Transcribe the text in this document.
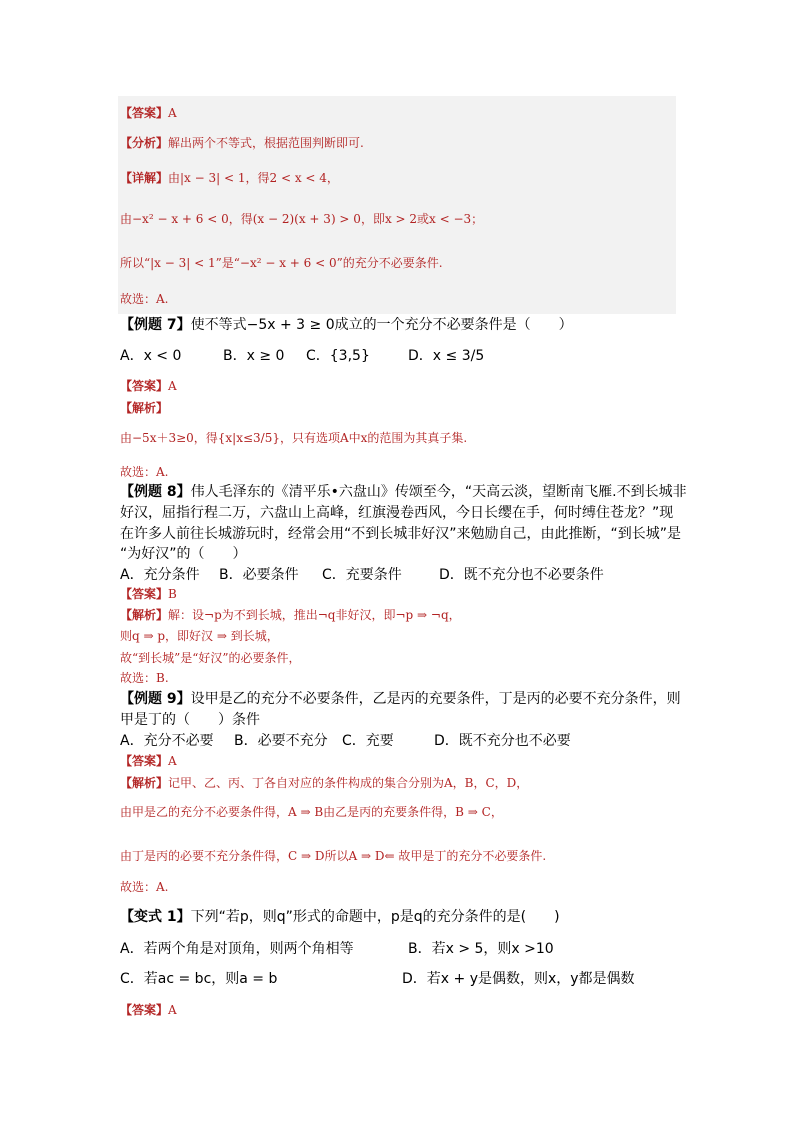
【答案】A
【分析】解出两个不等式，根据范围判断即可.
【详解】由|x − 3| < 1，得2 < x < 4，
由−x² − x + 6 < 0，得(x − 2)(x + 3) > 0，即x > 2或x < −3；
所以“|x − 3| < 1”是“−x² − x + 6 < 0”的充分不必要条件.
故选：A.
【例题 7】使不等式−5x + 3 ≥ 0成立的一个充分不必要条件是（　　）
A．x < 0	B．x ≥ 0 C．{3,5}	D．x ≤ 3/5
【答案】A
【解析】
由−5x＋3≥0，得{x|x≤3/5}，只有选项A中x的范围为其真子集.
故选：A.
【例题 8】伟人毛泽东的《清平乐•六盘山》传颂至今，“天高云淡，望断南飞雁.不到长城非
好汉，屈指行程二万，六盘山上高峰，红旗漫卷西风，今日长缨在手，何时缚住苍龙？”现
在许多人前往长城游玩时，经常会用“不到长城非好汉”来勉励自己，由此推断，“到长城”是
“为好汉”的（　　）
A．充分条件 B．必要条件 C．充要条件	D．既不充分也不必要条件
【答案】B
【解析】解：设¬p为不到长城，推出¬q非好汉，即¬p ⇒ ¬q，
则q ⇒ p，即好汉 ⇒ 到长城，
故“到长城”是“好汉”的必要条件，
故选：B.
【例题 9】设甲是乙的充分不必要条件，乙是丙的充要条件，丁是丙的必要不充分条件，则
甲是丁的（　　）条件
A．充分不必要 B．必要不充分 C．充要	D．既不充分也不必要
【答案】A
【解析】记甲、乙、丙、丁各自对应的条件构成的集合分别为A，B，C，D，
由甲是乙的充分不必要条件得，A ⇒ B由乙是丙的充要条件得，B ⇒ C，
由丁是丙的必要不充分条件得，C ⇒ D所以A ⇒ D⇐ 故甲是丁的充分不必要条件.
故选：A.
【变式 1】下列“若p，则q”形式的命题中，p是q的充分条件的是(　　)
A．若两个角是对顶角，则两个角相等	B．若x > 5，则x >10
C．若ac = bc，则a = b	D．若x + y是偶数，则x，y都是偶数
【答案】A
